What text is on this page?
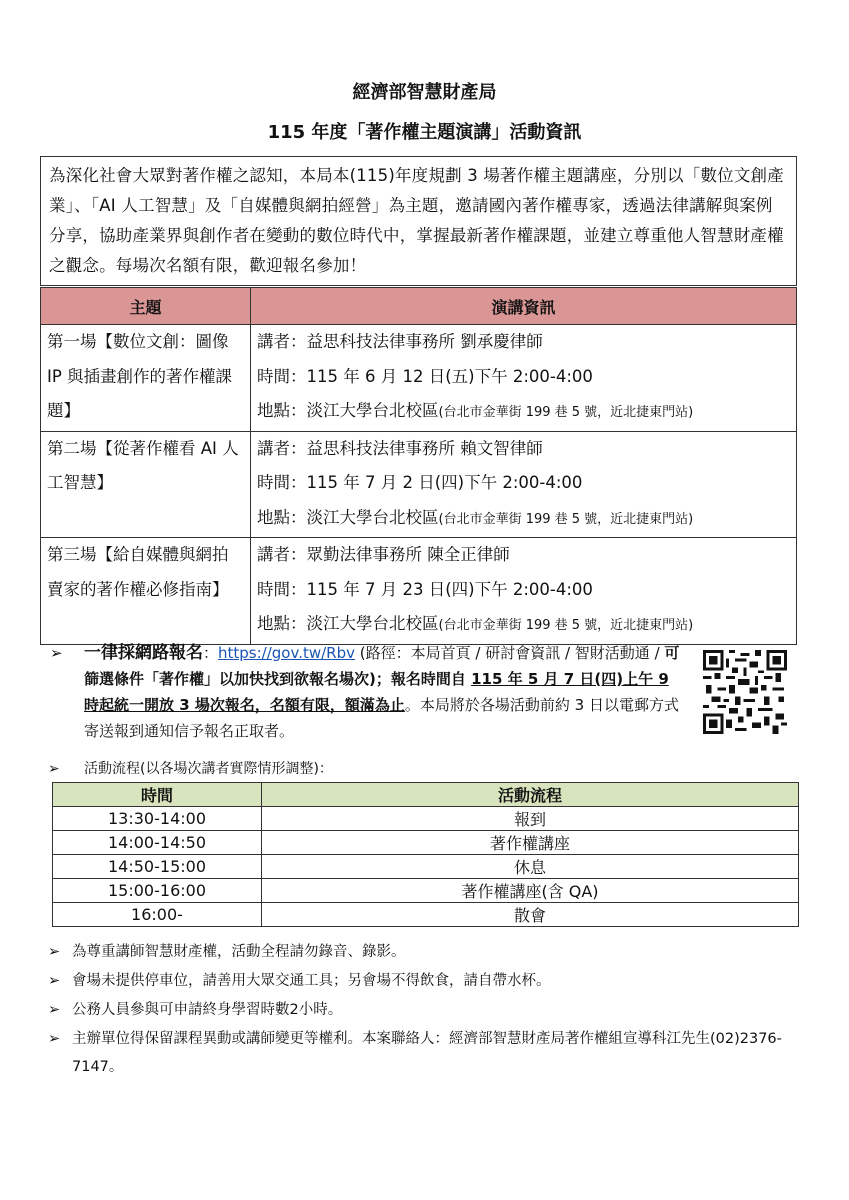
經濟部智慧財產局
115 年度「著作權主題演講」活動資訊
為深化社會大眾對著作權之認知，本局本(115)年度規劃 3 場著作權主題講座，分別以「數位文創產業」、「AI 人工智慧」及「自媒體與網拍經營」為主題，邀請國內著作權專家，透過法律講解與案例分享，協助產業界與創作者在變動的數位時代中，掌握最新著作權課題，並建立尊重他人智慧財產權之觀念。每場次名額有限，歡迎報名參加！
主題	演講資訊
第一場【數位文創：圖像 IP 與插畫創作的著作權課題】	講者：益思科技法律事務所 劉承慶律師
時間：115 年 6 月 12 日(五)下午 2:00-4:00
地點：淡江大學台北校區(台北市金華街 199 巷 5 號，近北捷東門站)

第二場【從著作權看 AI 人工智慧】	講者：益思科技法律事務所 賴文智律師
時間：115 年 7 月 2 日(四)下午 2:00-4:00
地點：淡江大學台北校區(台北市金華街 199 巷 5 號，近北捷東門站)

第三場【給自媒體與網拍賣家的著作權必修指南】	講者：眾勤法律事務所 陳全正律師
時間：115 年 7 月 23 日(四)下午 2:00-4:00
地點：淡江大學台北校區(台北市金華街 199 巷 5 號，近北捷東門站)
➢ 一律採網路報名：https://gov.tw/Rbv (路徑：本局首頁 / 研討會資訊 / 智財活動通 / 可篩選條件「著作權」以加快找到欲報名場次)；報名時間自 115 年 5 月 7 日(四)上午 9 時起統一開放 3 場次報名，名額有限，額滿為止。本局將於各場活動前約 3 日以電郵方式寄送報到通知信予報名正取者。
➢ 活動流程(以各場次講者實際情形調整)：
時間	活動流程
13:30-14:00	報到
14:00-14:50	著作權講座
14:50-15:00	休息
15:00-16:00	著作權講座(含 QA)
16:00-	散會
➢ 為尊重講師智慧財產權，活動全程請勿錄音、錄影。
➢ 會場未提供停車位，請善用大眾交通工具；另會場不得飲食，請自帶水杯。
➢ 公務人員參與可申請終身學習時數2小時。
➢ 主辦單位得保留課程異動或講師變更等權利。本案聯絡人：經濟部智慧財產局著作權組宣導科江先生(02)2376-7147。
